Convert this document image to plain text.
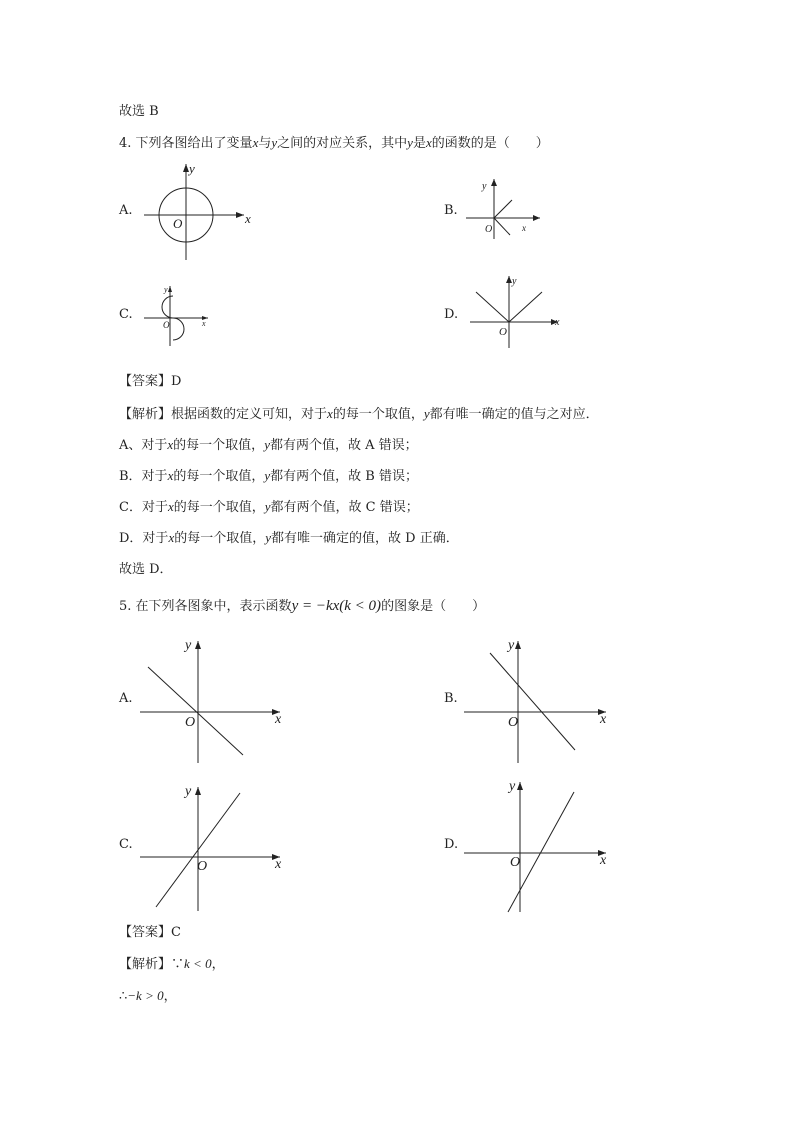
故选 B
4. 下列各图给出了变量x与y之间的对应关系，其中y是x的函数的是（　　）
A.	B.
C.	D.
x
y
O	x
y
O
x
y
O	x
y
O
【答案】D
【解析】根据函数的定义可知，对于x的每一个取值，y都有唯一确定的值与之对应．
A、对于x的每一个取值，y都有两个值，故 A 错误；
B．对于x的每一个取值，y都有两个值，故 B 错误；
C．对于x的每一个取值，y都有两个值，故 C 错误；
D．对于x的每一个取值，y都有唯一确定的值，故 D 正确．
故选 D．
5. 在下列各图象中，表示函数y = −kx(k < 0)的图象是（　　）
A.	B.
C.	D.
x
y
O	x
y
O
x
y
O	x
y
O
【答案】C
【解析】∵k < 0，
∴−k > 0，
